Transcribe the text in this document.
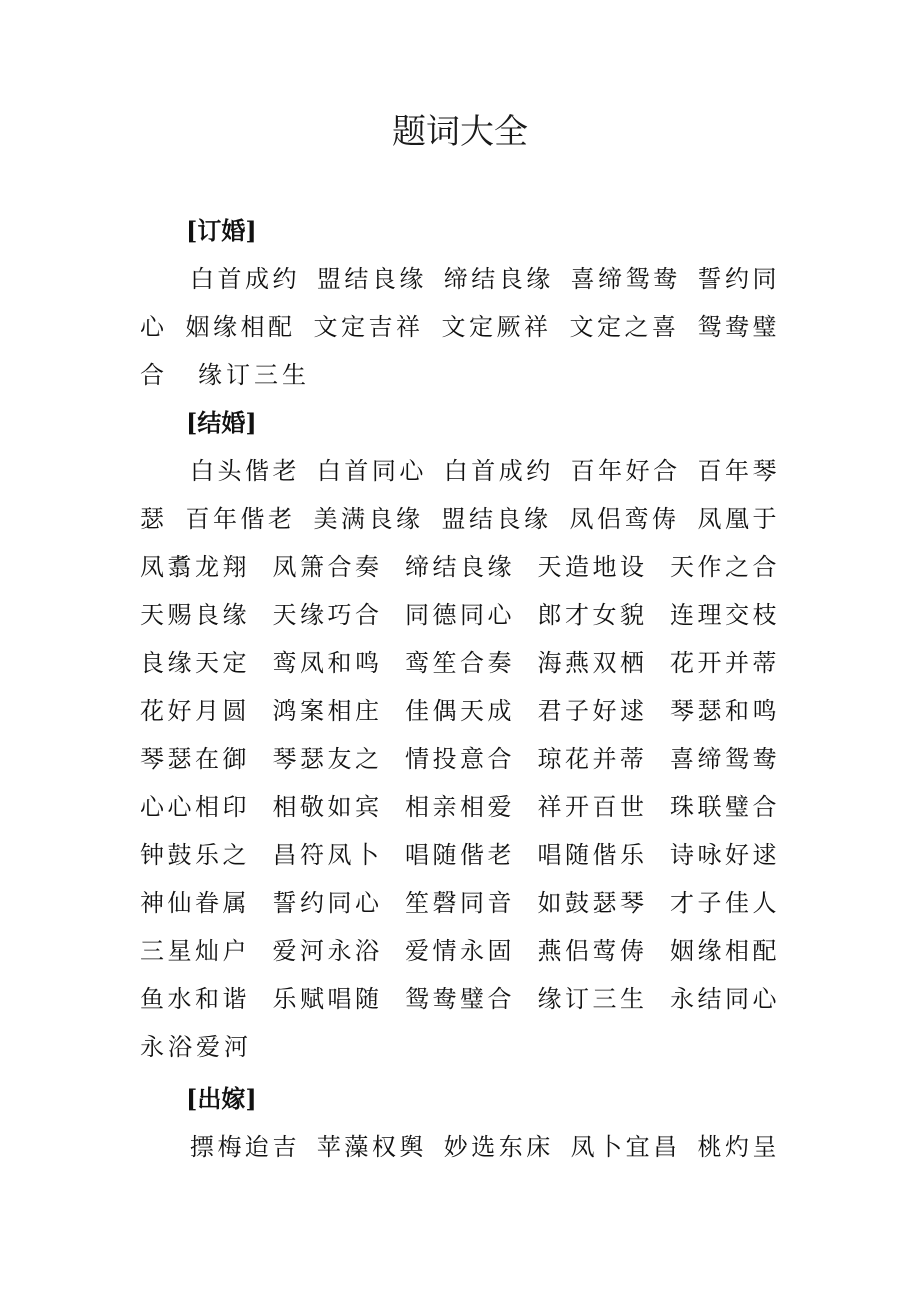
题词大全
[订婚]
白首成约 盟结良缘 缔结良缘 喜缔鸳鸯 誓约同
心 姻缘相配 文定吉祥 文定厥祥 文定之喜 鸳鸯璧
合 缘订三生
[结婚]
白头偕老 白首同心 白首成约 百年好合 百年琴
瑟 百年偕老 美满良缘 盟结良缘 凤侣鸾俦 凤凰于
凤翥龙翔 凤箫合奏 缔结良缘 天造地设 天作之合
天赐良缘 天缘巧合 同德同心 郎才女貌 连理交枝
良缘天定 鸾凤和鸣 鸾笙合奏 海燕双栖 花开并蒂
花好月圆 鸿案相庄 佳偶天成 君子好逑 琴瑟和鸣
琴瑟在御 琴瑟友之 情投意合 琼花并蒂 喜缔鸳鸯
心心相印 相敬如宾 相亲相爱 祥开百世 珠联璧合
钟鼓乐之 昌符凤卜 唱随偕老 唱随偕乐 诗咏好逑
神仙眷属 誓约同心 笙磬同音 如鼓瑟琴 才子佳人
三星灿户 爱河永浴 爱情永固 燕侣莺俦 姻缘相配
鱼水和谐 乐赋唱随 鸳鸯璧合 缘订三生 永结同心
永浴爱河
[出嫁]
摽梅迨吉 苹藻权舆 妙选东床 凤卜宜昌 桃灼呈
